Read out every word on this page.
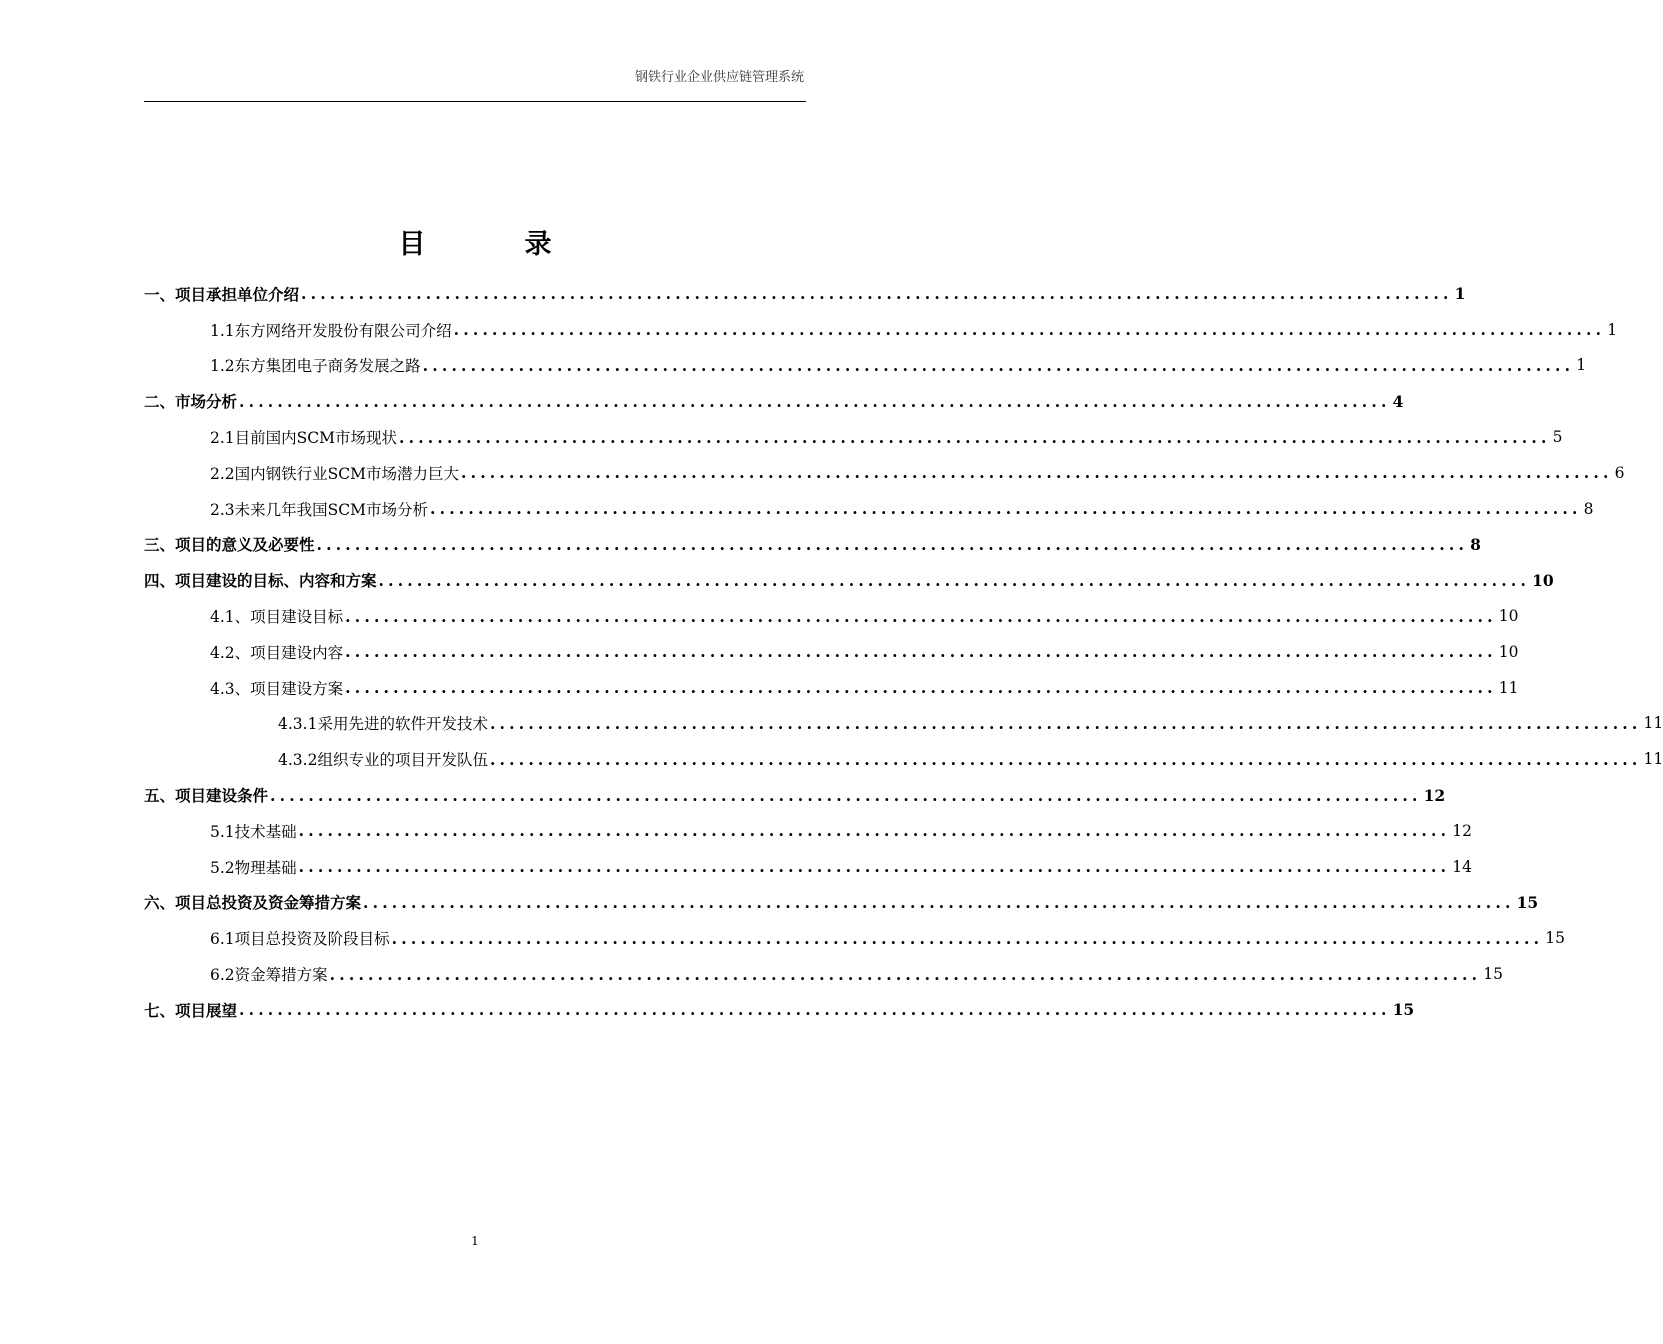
钢铁行业企业供应链管理系统
目　录
一、项目承担单位介绍 ........................................................................................................................ 1
1.1东方网络开发股份有限公司介绍 ........................................................................................................................ 1
1.2东方集团电子商务发展之路 ........................................................................................................................ 1
二、市场分析 ........................................................................................................................ 4
2.1目前国内SCM市场现状 ........................................................................................................................ 5
2.2国内钢铁行业SCM市场潜力巨大 ........................................................................................................................ 6
2.3未来几年我国SCM市场分析 ........................................................................................................................ 8
三、项目的意义及必要性 ........................................................................................................................ 8
四、项目建设的目标、内容和方案 ........................................................................................................................ 10
4.1、项目建设目标 ........................................................................................................................ 10
4.2、项目建设内容 ........................................................................................................................ 10
4.3、项目建设方案 ........................................................................................................................ 11
4.3.1采用先进的软件开发技术 ........................................................................................................................ 11
4.3.2组织专业的项目开发队伍 ........................................................................................................................ 11
五、项目建设条件 ........................................................................................................................ 12
5.1技术基础 ........................................................................................................................ 12
5.2物理基础 ........................................................................................................................ 14
六、项目总投资及资金筹措方案 ........................................................................................................................ 15
6.1项目总投资及阶段目标 ........................................................................................................................ 15
6.2资金筹措方案 ........................................................................................................................ 15
七、项目展望 ........................................................................................................................ 15
1
